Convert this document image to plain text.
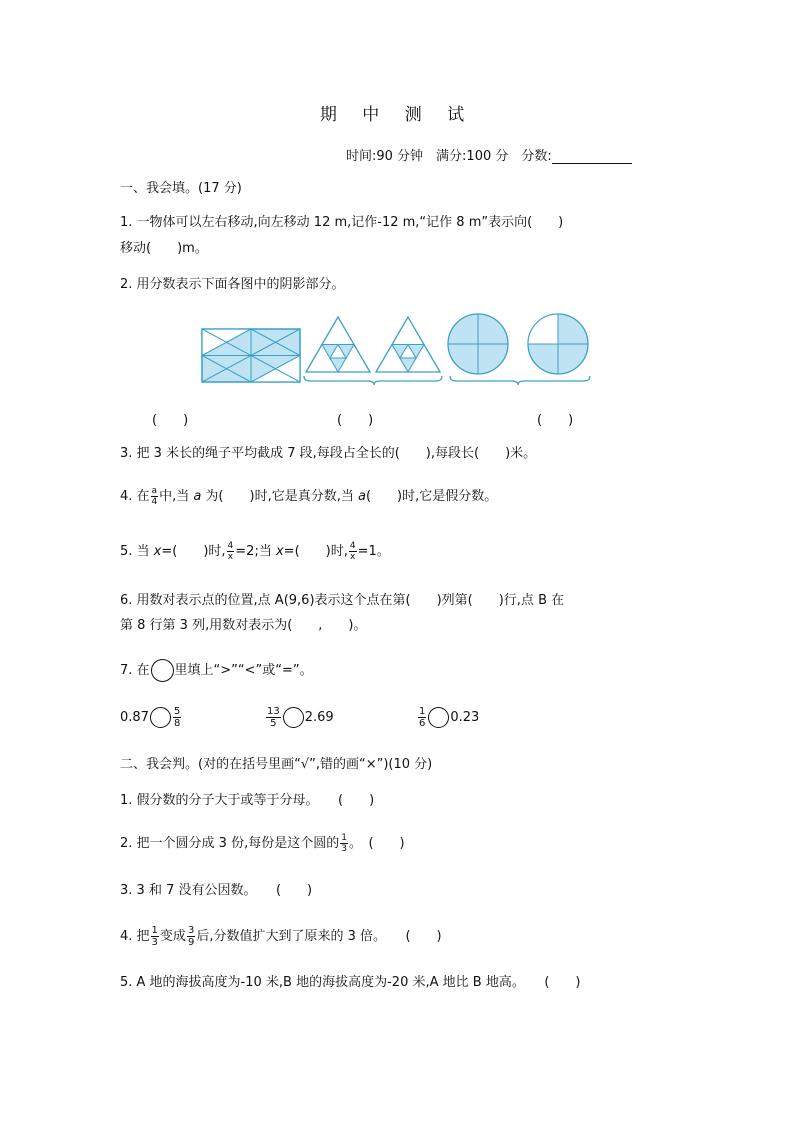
期 中 测 试
时间:90 分钟　满分:100 分　分数:
一、我会填。(17 分)
1. 一物体可以左右移动,向左移动 12 m,记作-12 m,“记作 8 m”表示向(　　)
移动(　　)m。
2. 用分数表示下面各图中的阴影部分。
(　　)	(　　)	(　　)
3. 把 3 米长的绳子平均截成 7 段,每段占全长的(　　),每段长(　　)米。
4. 在 $\frac{a}{4}$ 中,当 a 为(　　)时,它是真分数,当 a(　　)时,它是假分数。
5. 当 x=(　　)时, $\frac{4}{x} =2$;当 x=(　　)时, $\frac{4}{x} =1$。
6. 用数对表示点的位置,点 A(9,6)表示这个点在第(　　)列第(　　)行,点 B 在
第 8 行第 3 列,用数对表示为(　　,　　)。
7. 在 里填上“>”“<”或“=”。
$0.87 \frac{5}{8}$	$\frac{13}{5} 2.69$	$\frac{1}{6} 0.23$
二、我会判。(对的在括号里画“√”,错的画“×”)(10 分)
1. 假分数的分子大于或等于分母。　　(　　)
2. 把一个圆分成 3 份,每份是这个圆的 $\frac{1}{3}$ 。　(　　)
3. 3 和 7 没有公因数。　　(　　)
4. 把 $\frac{1}{3}$ 变成 $\frac{3}{9}$ 后,分数值扩大到了原来的 3 倍。　　(　　)
5. A 地的海拔高度为-10 米,B 地的海拔高度为-20 米,A 地比 B 地高。　　(　　)
